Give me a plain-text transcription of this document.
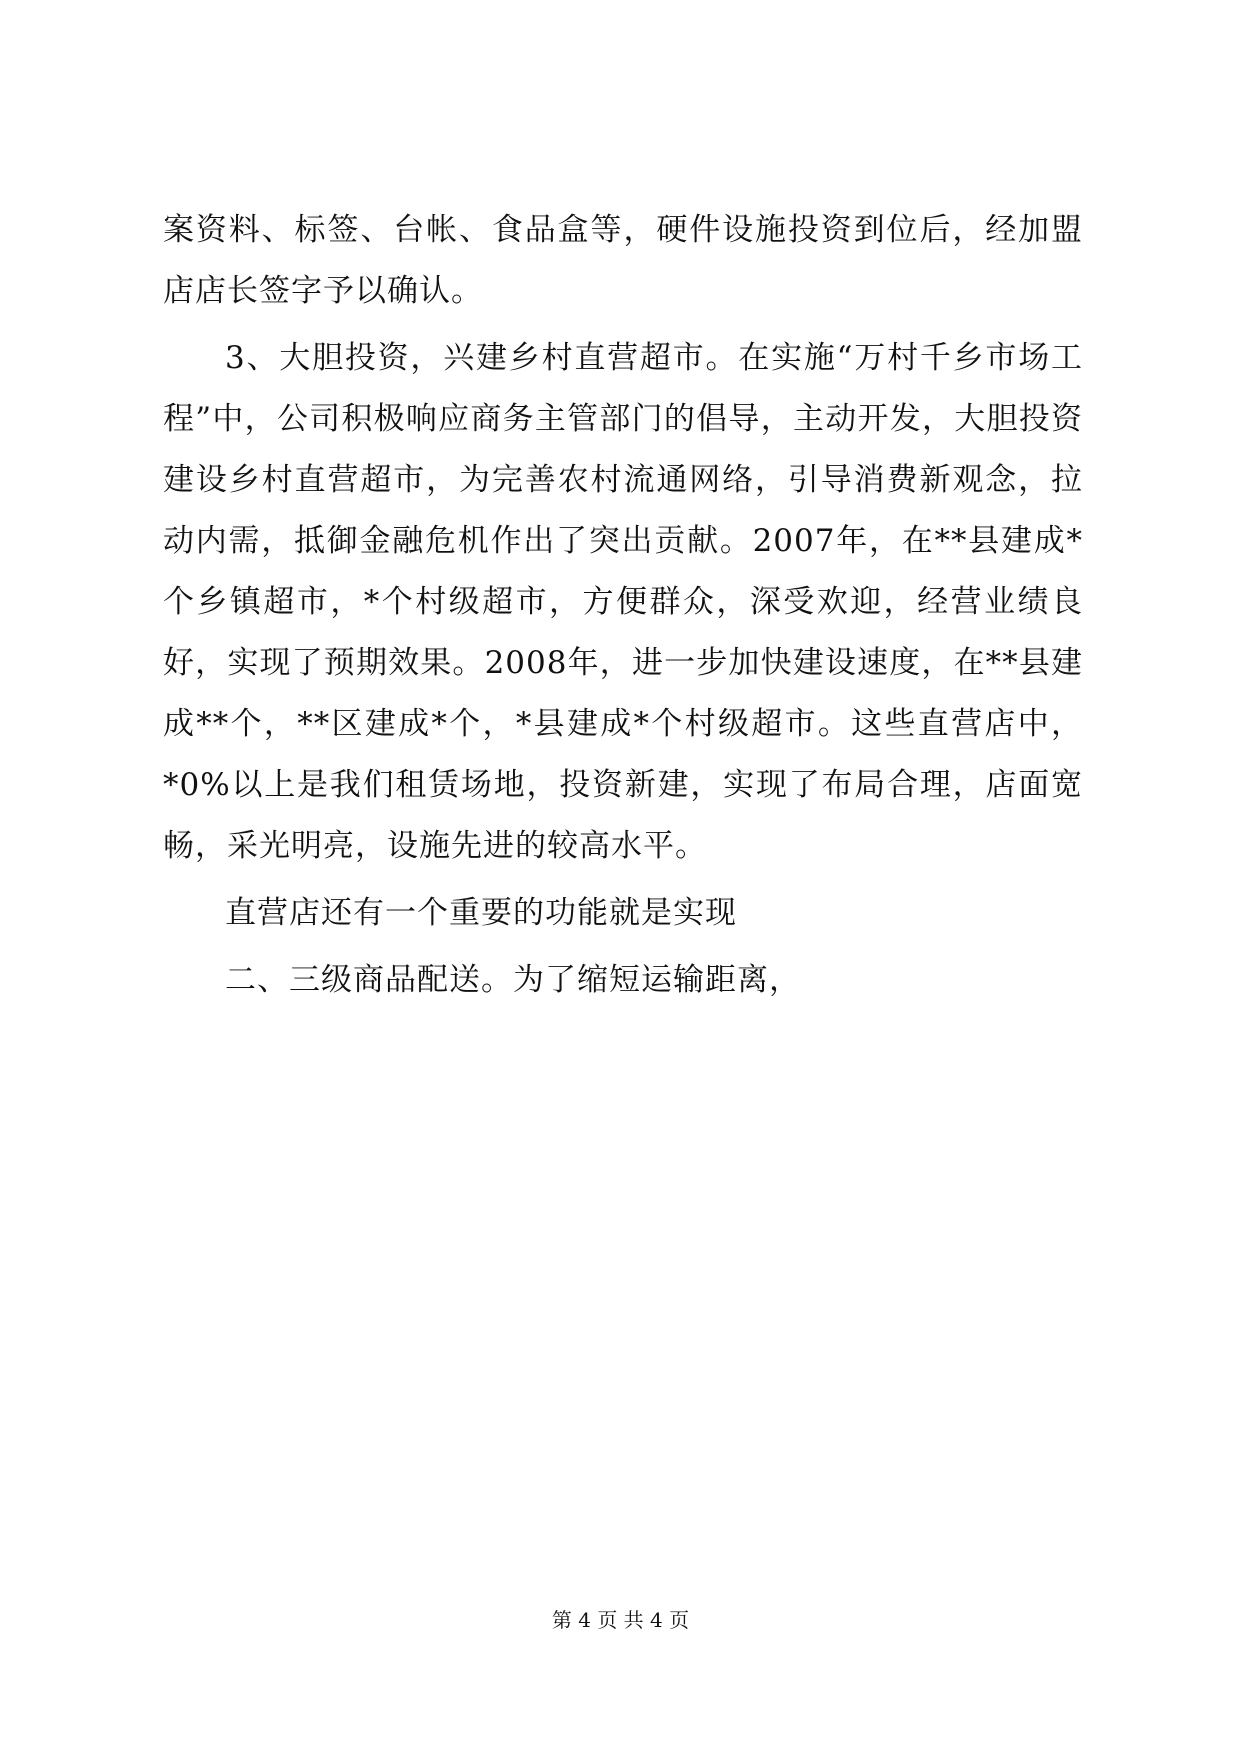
案资料、标签、台帐、食品盒等，硬件设施投资到位后，经加盟店店长签字予以确认。

3、大胆投资，兴建乡村直营超市。在实施“万村千乡市场工程”中，公司积极响应商务主管部门的倡导，主动开发，大胆投资建设乡村直营超市，为完善农村流通网络，引导消费新观念，拉动内需，抵御金融危机作出了突出贡献。2007年，在**县建成*个乡镇超市，*个村级超市，方便群众，深受欢迎，经营业绩良好，实现了预期效果。2008年，进一步加快建设速度，在**县建成**个，**区建成*个，*县建成*个村级超市。这些直营店中，*0%以上是我们租赁场地，投资新建，实现了布局合理，店面宽畅，采光明亮，设施先进的较高水平。

直营店还有一个重要的功能就是实现

二、三级商品配送。为了缩短运输距离，

第 4 页 共 4 页
